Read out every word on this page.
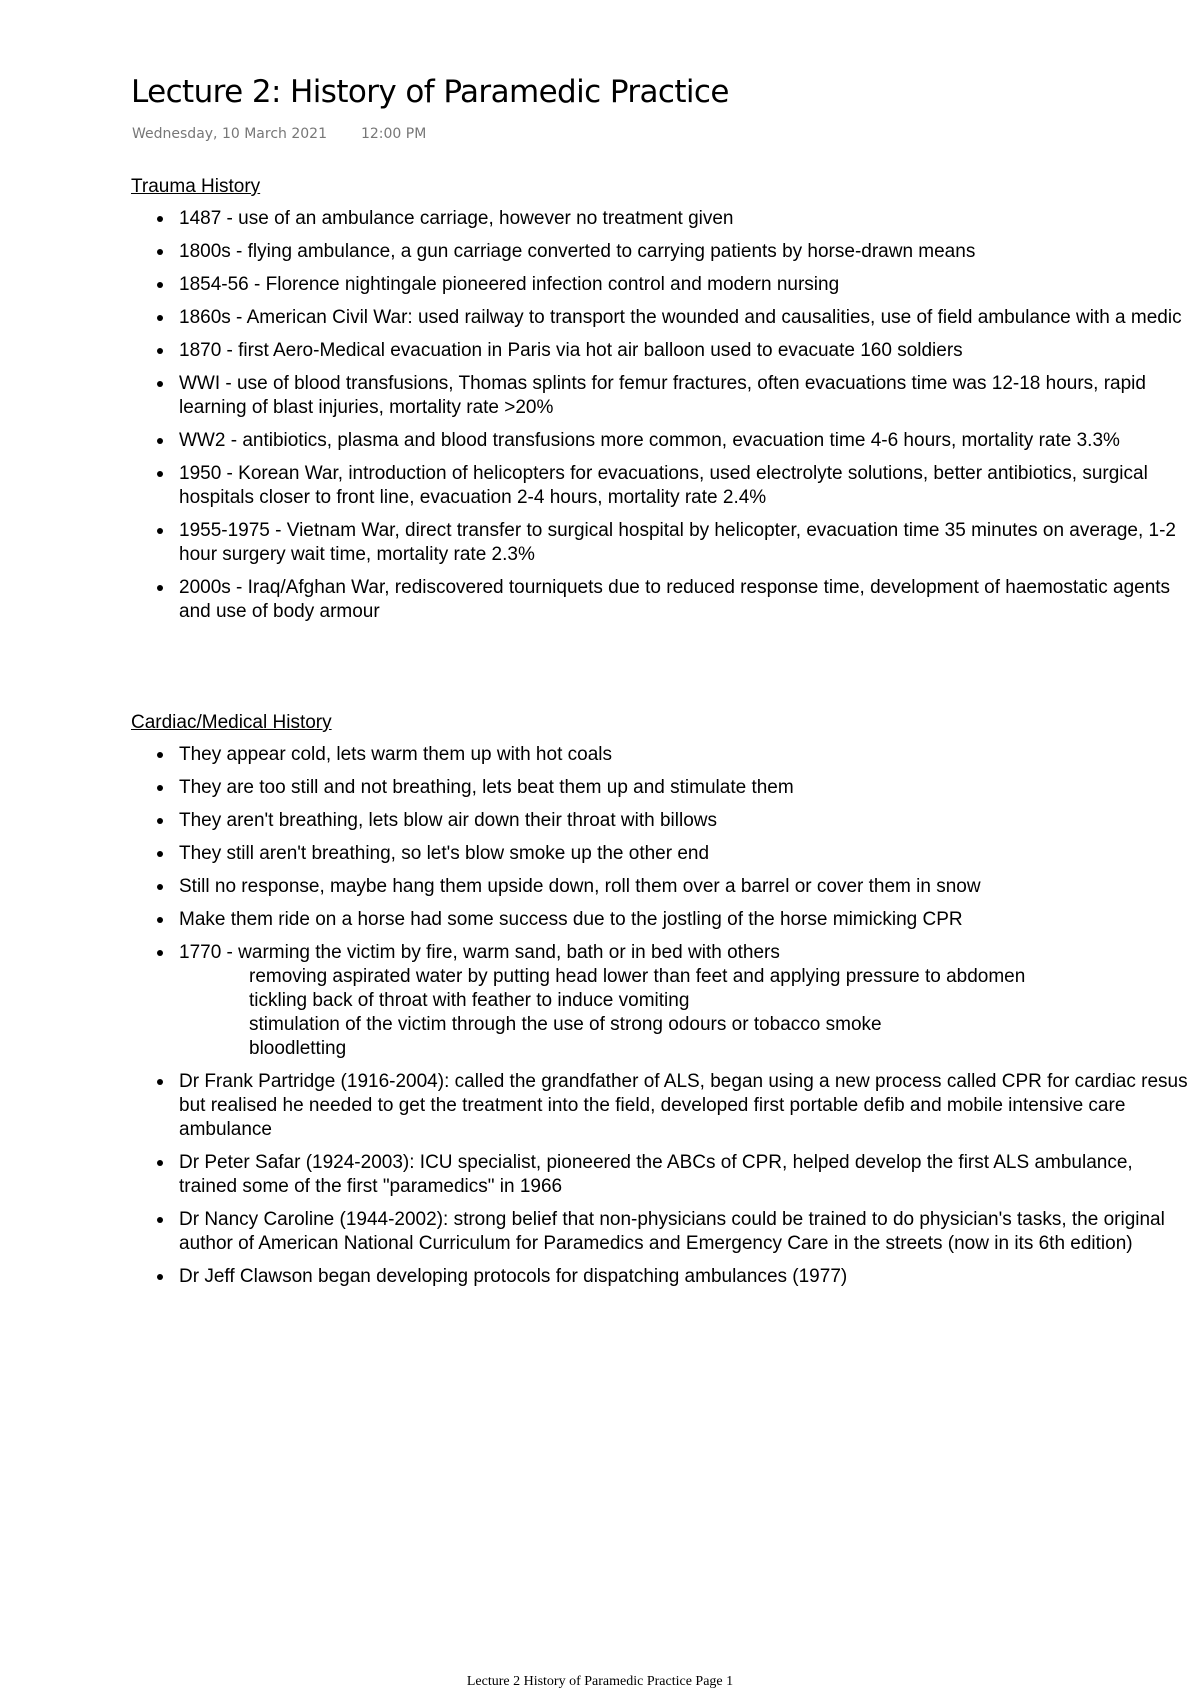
Lecture 2: History of Paramedic Practice
Wednesday, 10 March 2021 12:00 PM
Trauma History
1487 - use of an ambulance carriage, however no treatment given
1800s - flying ambulance, a gun carriage converted to carrying patients by horse-drawn means
1854-56 - Florence nightingale pioneered infection control and modern nursing
1860s - American Civil War: used railway to transport the wounded and causalities, use of field ambulance with a medic
1870 - first Aero-Medical evacuation in Paris via hot air balloon used to evacuate 160 soldiers
WWI - use of blood transfusions, Thomas splints for femur fractures, often evacuations time was 12-18 hours, rapid learning of blast injuries, mortality rate >20%
WW2 - antibiotics, plasma and blood transfusions more common, evacuation time 4-6 hours, mortality rate 3.3%
1950 - Korean War, introduction of helicopters for evacuations, used electrolyte solutions, better antibiotics, surgical hospitals closer to front line, evacuation 2-4 hours, mortality rate 2.4%
1955-1975 - Vietnam War, direct transfer to surgical hospital by helicopter, evacuation time 35 minutes on average, 1-2 hour surgery wait time, mortality rate 2.3%
2000s - Iraq/Afghan War, rediscovered tourniquets due to reduced response time, development of haemostatic agents and use of body armour
Cardiac/Medical History
They appear cold, lets warm them up with hot coals
They are too still and not breathing, lets beat them up and stimulate them
They aren't breathing, lets blow air down their throat with billows
They still aren't breathing, so let's blow smoke up the other end
Still no response, maybe hang them upside down, roll them over a barrel or cover them in snow
Make them ride on a horse had some success due to the jostling of the horse mimicking CPR
1770 - warming the victim by fire, warm sand, bath or in bed with others
removing aspirated water by putting head lower than feet and applying pressure to abdomen
tickling back of throat with feather to induce vomiting
stimulation of the victim through the use of strong odours or tobacco smoke
bloodletting
Dr Frank Partridge (1916-2004): called the grandfather of ALS, began using a new process called CPR for cardiac resus but realised he needed to get the treatment into the field, developed first portable defib and mobile intensive care ambulance
Dr Peter Safar (1924-2003): ICU specialist, pioneered the ABCs of CPR, helped develop the first ALS ambulance, trained some of the first "paramedics" in 1966
Dr Nancy Caroline (1944-2002): strong belief that non-physicians could be trained to do physician's tasks, the original author of American National Curriculum for Paramedics and Emergency Care in the streets (now in its 6th edition)
Dr Jeff Clawson began developing protocols for dispatching ambulances (1977)
Lecture 2 History of Paramedic Practice Page 1
